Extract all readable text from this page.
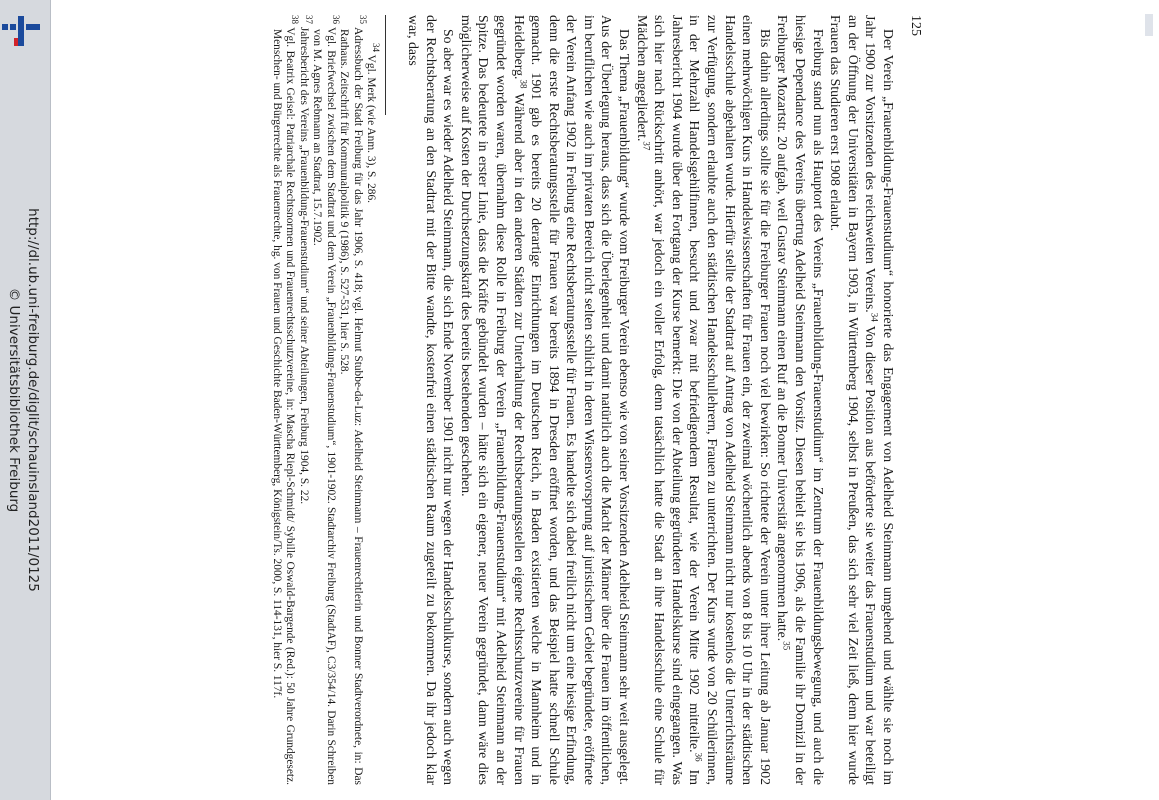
http://dl.ub.uni-freiburg.de/diglit/schauinsland2011/0125
© Universitätsbibliothek Freiburg
125

Der Verein „Frauenbildung-Frauenstudium“ honorierte das Engagement von Adelheid Steinmann umgehend und wählte sie noch im Jahr 1900 zur Vorsitzenden des reichsweiten Vereins.$^{34}$ Von dieser Position aus beförderte sie weiter das Frauenstudium und war beteiligt an der Öffnung der Universitäten in Bayern 1903, in Württemberg 1904, selbst in Preußen, das sich sehr viel Zeit ließ, denn hier wurde Frauen das Studieren erst 1908 erlaubt.

Freiburg stand nun als Hauptort des Vereins „Frauenbildung-Frauenstudium“ im Zentrum der Frauenbildungsbewegung, und auch die hiesige Dependance des Vereins übertrug Adelheid Steinmann den Vorsitz. Diesen behielt sie bis 1906, als die Familie ihr Domizil in der Freiburger Mozartstr. 20 aufgab, weil Gustav Steinmann einen Ruf an die Bonner Universität angenommen hatte.$^{35}$

Bis dahin allerdings sollte sie für die Freiburger Frauen noch viel bewirken: So richtete der Verein unter ihrer Leitung ab Januar 1902 einen mehrwöchigen Kurs in Handelswissenschaften für Frauen ein, der zweimal wöchentlich abends von 8 bis 10 Uhr in der städtischen Handelsschule abgehalten wurde. Hierfür stellte der Stadtrat auf Antrag von Adelheid Steinmann nicht nur kostenlos die Unterrichtsräume zur Verfügung, sondern erlaubte auch den städtischen Handelsschullehrern, Frauen zu unterrichten. Der Kurs wurde von 20 Schülerinnen, in der Mehrzahl Handelsgehilfinnen, besucht und zwar mit befriedigendem Resultat, wie der Verein Mitte 1902 mitteilte.$^{36}$ Im Jahresbericht 1904 wurde über den Fortgang der Kurse bemerkt: Die von der Abteilung gegründeten Handelskurse sind eingegangen. Was sich hier nach Rückschritt anhört, war jedoch ein voller Erfolg, denn tatsächlich hatte die Stadt an ihre Handelsschule eine Schule für Mädchen angegliedert.$^{37}$

Das Thema „Frauenbildung“ wurde vom Freiburger Verein ebenso wie von seiner Vorsitzenden Adelheid Steinmann sehr weit ausgelegt. Aus der Überlegung heraus, dass sich die Überlegenheit und damit natürlich auch die Macht der Männer über die Frauen im öffentlichen, im beruflichen wie auch im privaten Bereich nicht selten schlicht in deren Wissensvorsprung auf juristischem Gebiet begründete, eröffnete der Verein Anfang 1902 in Freiburg eine Rechtsberatungsstelle für Frauen. Es handelte sich dabei freilich nicht um eine hiesige Erfindung, denn die erste Rechtsberatungsstelle für Frauen war bereits 1894 in Dresden eröffnet worden, und das Beispiel hatte schnell Schule gemacht. 1901 gab es bereits 20 derartige Einrichtungen im Deutschen Reich, in Baden existierten welche in Mannheim und in Heidelberg.$^{38}$ Während aber in den anderen Städten zur Unterhaltung der Rechtsberatungsstellen eigene Rechtsschutzvereine für Frauen gegründet worden waren, übernahm diese Rolle in Freiburg der Verein „Frauenbildung-Frauenstudium“ mit Adelheid Steinmann an der Spitze. Das bedeutete in erster Linie, dass die Kräfte gebündelt wurden – hätte sich ein eigener, neuer Verein gegründet, dann wäre dies möglicherweise auf Kosten der Durchsetzungskraft des bereits bestehenden geschehen.

So aber war es wieder Adelheid Steinmann, die sich Ende November 1901 nicht nur wegen der Handelsschulkurse, sondern auch wegen der Rechtsberatung an den Stadtrat mit der Bitte wandte, kostenfrei einen städtischen Raum zugeteilt zu bekommen. Da ihr jedoch klar war, dass

$^{34}$ Vgl. Merk (wie Anm. 3), S. 286.

$^{35}$ Adressbuch der Stadt Freiburg für das Jahr 1906, S. 418; vgl. Helmut Stubbe-da-Luz: Adelheid Steinmann – Frauenrechtlerin und Bonner Stadtverordnete, in: Das Rathaus. Zeitschrift für Kommunalpolitik 9 (1986), S. 527-531, hier S. 528.

$^{36}$ Vgl. Briefwechsel zwischen dem Stadtrat und dem Verein „Frauenbildung-Frauenstudium“, 1901-1902. Stadtarchiv Freiburg (StadtAF), C3/354/14. Darin Schreiben von M. Agnes Rebmann an Stadtrat, 15.7.1902.

$^{37}$ Jahresbericht des Vereins „Frauenbildung-Frauenstudium“ und seiner Abteilungen, Freiburg 1904, S. 22.

$^{38}$ Vgl. Beatrix Geisel: Patriarchale Rechtsnormen und Frauenrechtsschutzvereine, in: Mascha Riepl-Schmidt/ Sybille Oswald-Bargende (Red.): 50 Jahre Grundgesetz. Menschen- und Bürgerrechte als Frauenrechte, hg. von Frauen und Geschichte Baden-Württemberg, Königstein/Ts. 2000, S. 114-131, hier S. 117f.
